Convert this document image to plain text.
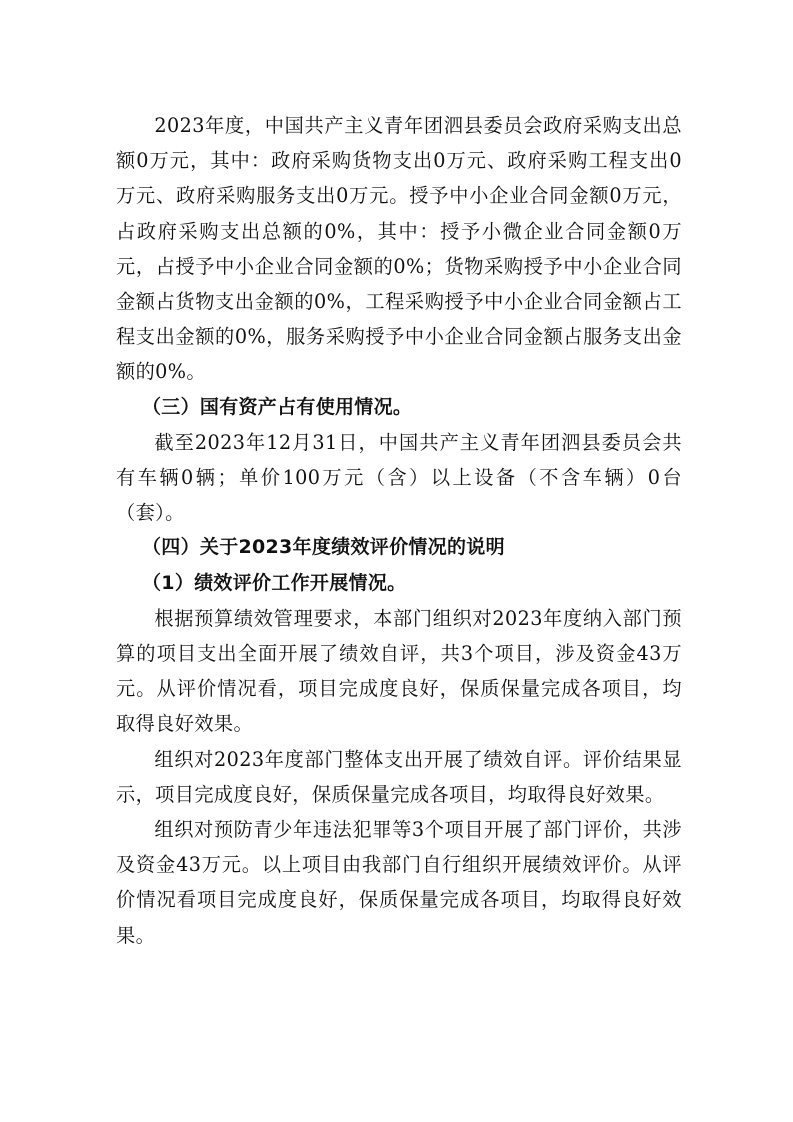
2023年度，中国共产主义青年团泗县委员会政府采购支出总额0万元，其中：政府采购货物支出0万元、政府采购工程支出0万元、政府采购服务支出0万元。授予中小企业合同金额0万元，占政府采购支出总额的0%，其中：授予小微企业合同金额0万元，占授予中小企业合同金额的0%；货物采购授予中小企业合同金额占货物支出金额的0%，工程采购授予中小企业合同金额占工程支出金额的0%，服务采购授予中小企业合同金额占服务支出金额的0%。

（三）国有资产占有使用情况。

截至2023年12月31日，中国共产主义青年团泗县委员会共有车辆0辆；单价100万元（含）以上设备（不含车辆）0台（套）。

（四）关于2023年度绩效评价情况的说明

（1）绩效评价工作开展情况。

根据预算绩效管理要求，本部门组织对2023年度纳入部门预算的项目支出全面开展了绩效自评，共3个项目，涉及资金43万元。从评价情况看，项目完成度良好，保质保量完成各项目，均取得良好效果。

组织对2023年度部门整体支出开展了绩效自评。评价结果显示，项目完成度良好，保质保量完成各项目，均取得良好效果。

组织对预防青少年违法犯罪等3个项目开展了部门评价，共涉及资金43万元。以上项目由我部门自行组织开展绩效评价。从评价情况看项目完成度良好，保质保量完成各项目，均取得良好效果。
